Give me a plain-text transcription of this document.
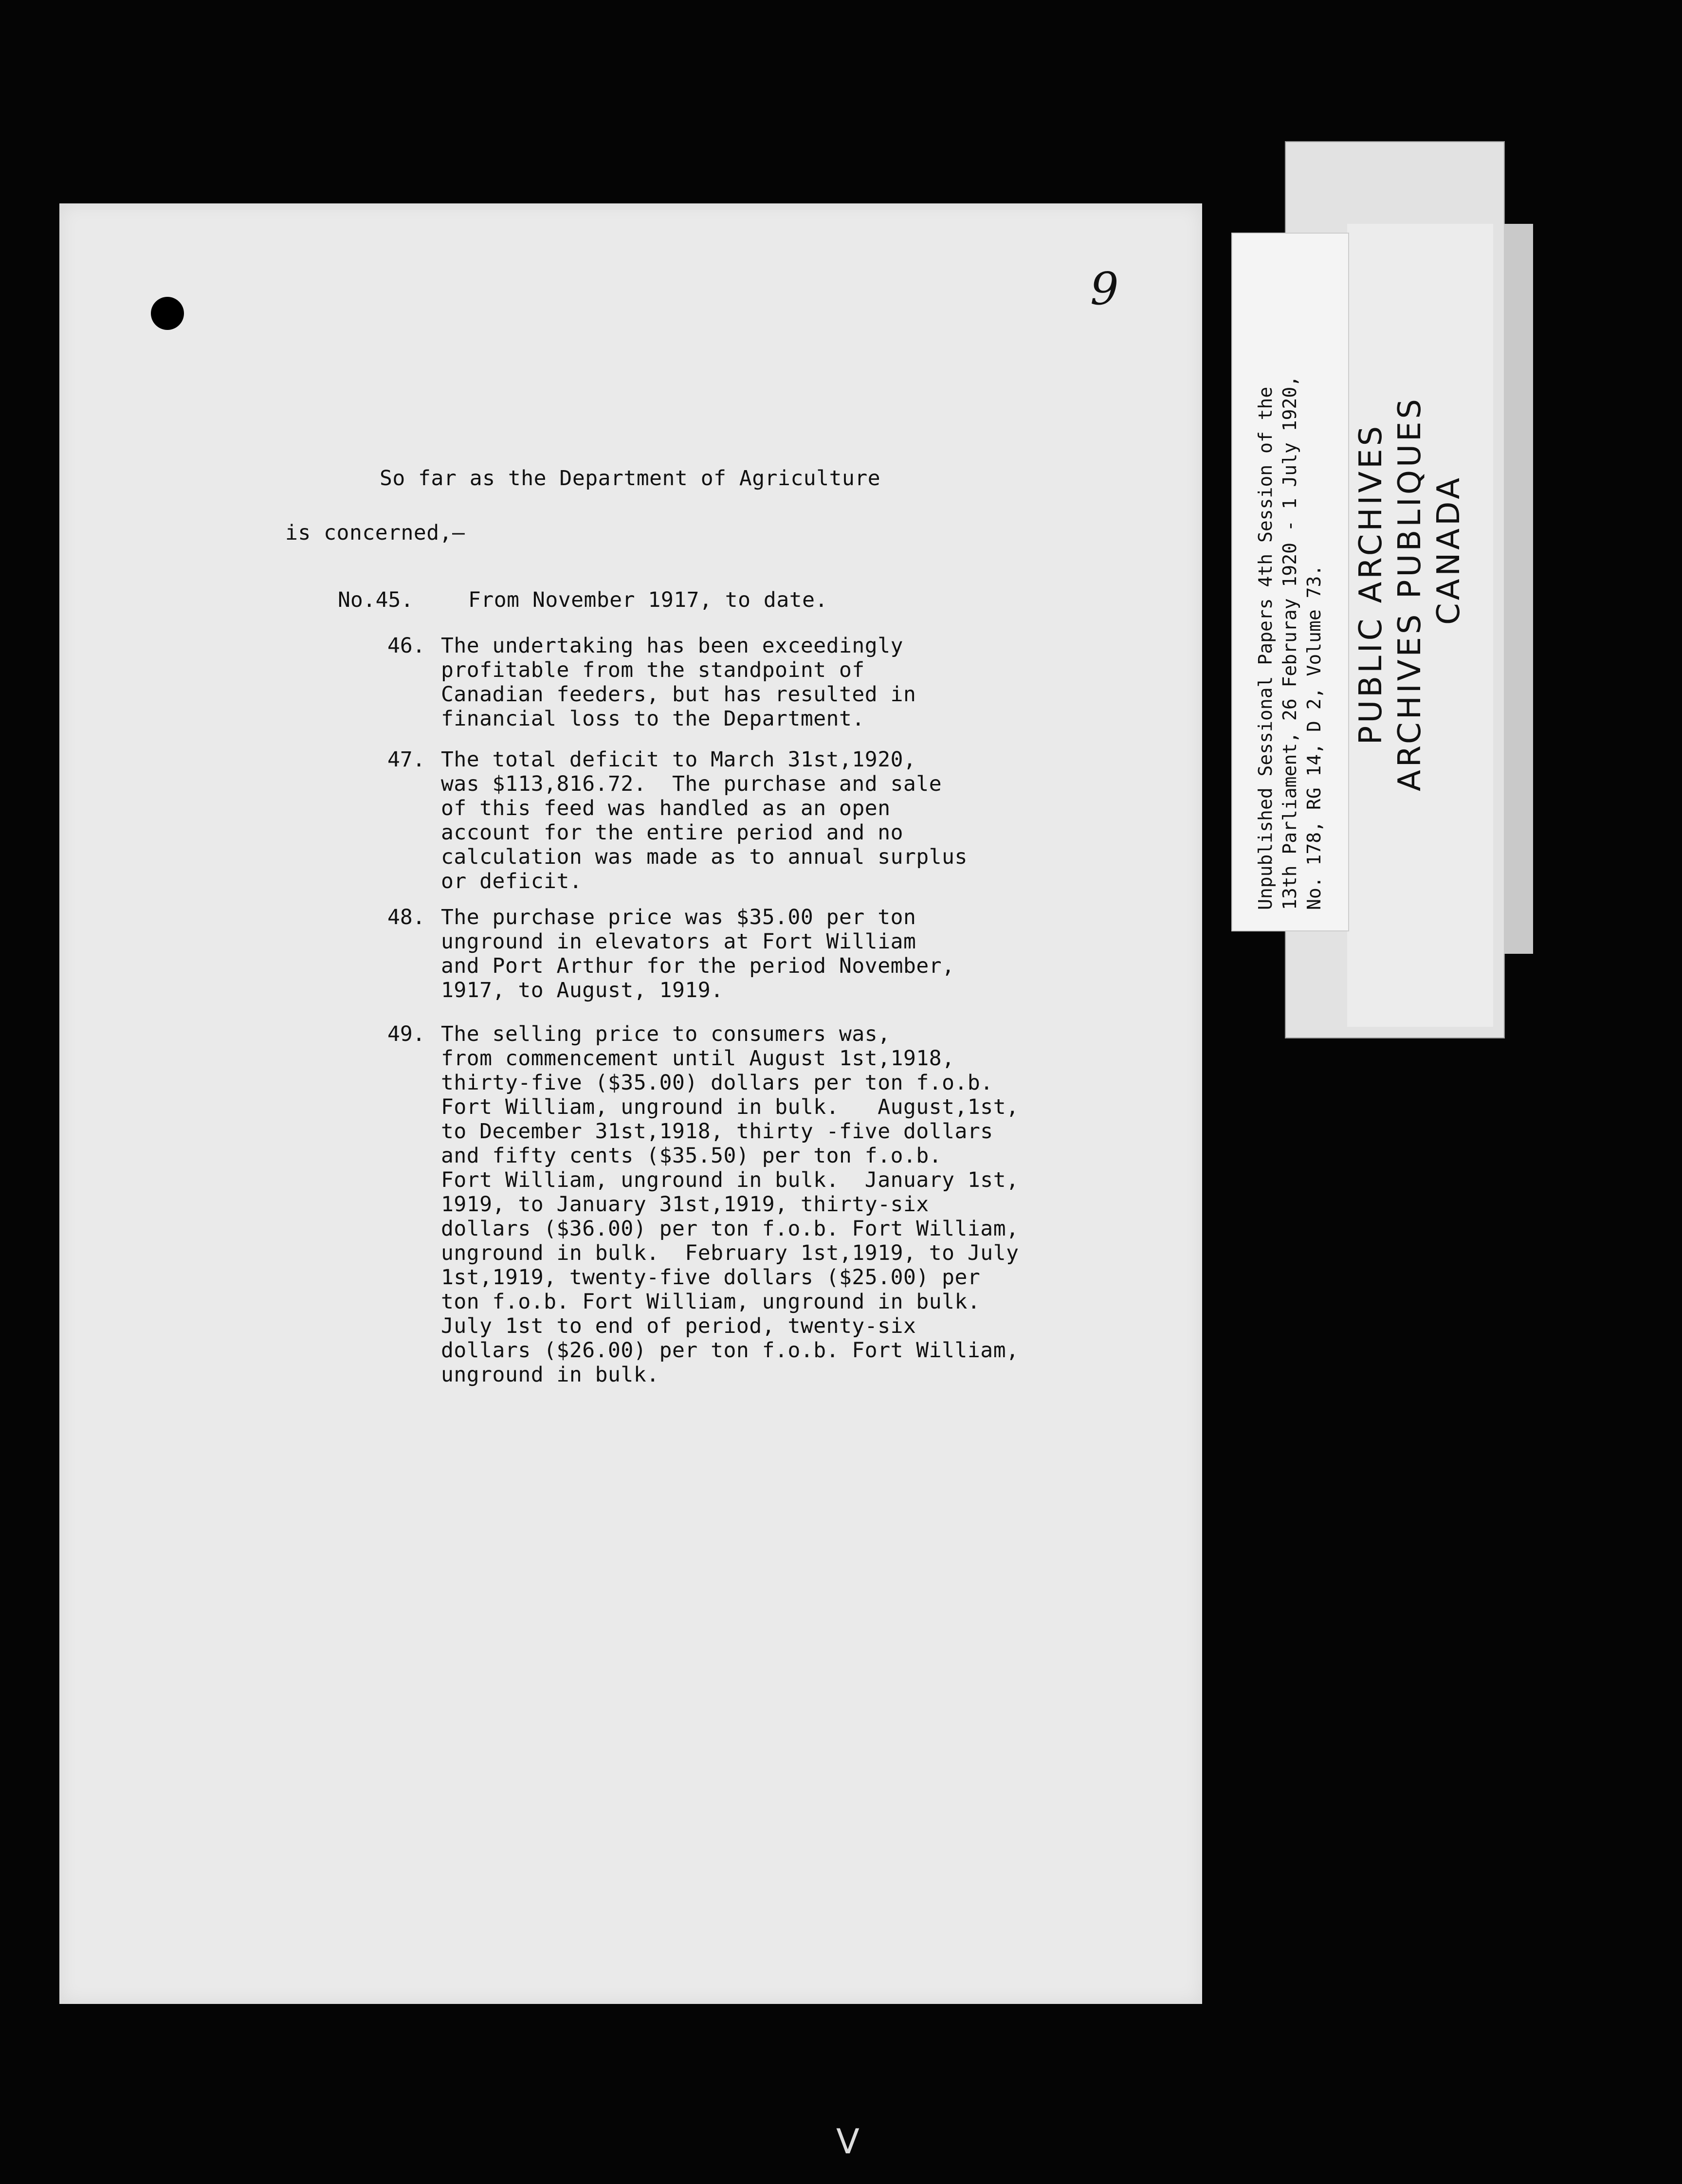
9
So far as the Department of Agriculture
is concerned,—
No.45.	From November 1917, to date.
46. The undertaking has been exceedingly
profitable from the standpoint of
Canadian feeders, but has resulted in
financial loss to the Department.
47. The total deficit to March 31st,1920,
was $113,816.72.  The purchase and sale
of this feed was handled as an open
account for the entire period and no
calculation was made as to annual surplus
or deficit.
48. The purchase price was $35.00 per ton
unground in elevators at Fort William
and Port Arthur for the period November,
1917, to August, 1919.
49. The selling price to consumers was,
from commencement until August 1st,1918,
thirty-five ($35.00) dollars per ton f.o.b.
Fort William, unground in bulk.   August,1st,
to December 31st,1918, thirty -five dollars
and fifty cents ($35.50) per ton f.o.b.
Fort William, unground in bulk.  January 1st,
1919, to January 31st,1919, thirty-six
dollars ($36.00) per ton f.o.b. Fort William,
unground in bulk.  February 1st,1919, to July
1st,1919, twenty-five dollars ($25.00) per
ton f.o.b. Fort William, unground in bulk.
July 1st to end of period, twenty-six
dollars ($26.00) per ton f.o.b. Fort William,
unground in bulk.
PUBLIC ARCHIVES ARCHIVES PUBLIQUES CANADA
Unpublished Sessional Papers 4th Session of the
13th Parliament, 26 Februray 1920 - 1 July 1920,
No. 178, RG 14, D 2, Volume 73.
V
